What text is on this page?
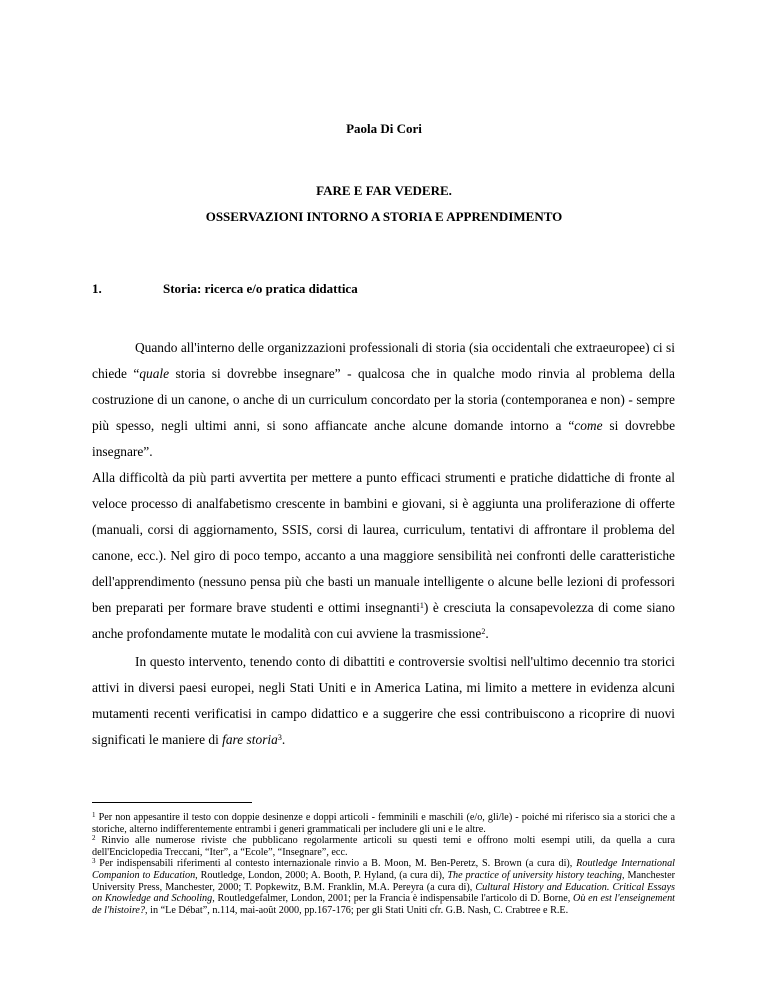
Paola Di Cori
FARE E FAR VEDERE.
OSSERVAZIONI INTORNO A STORIA E APPRENDIMENTO
1.	Storia: ricerca e/o pratica didattica

Quando all'interno delle organizzazioni professionali di storia (sia occidentali che extraeuropee) ci si chiede “quale storia si dovrebbe insegnare” - qualcosa che in qualche modo rinvia al problema della costruzione di un canone, o anche di un curriculum concordato per la storia (contemporanea e non) - sempre più spesso, negli ultimi anni, si sono affiancate anche alcune domande intorno a “come si dovrebbe insegnare”.

Alla difficoltà da più parti avvertita per mettere a punto efficaci strumenti e pratiche didattiche di fronte al veloce processo di analfabetismo crescente in bambini e giovani, si è aggiunta una proliferazione di offerte (manuali, corsi di aggiornamento, SSIS, corsi di laurea, curriculum, tentativi di affrontare il problema del canone, ecc.). Nel giro di poco tempo, accanto a una maggiore sensibilità nei confronti delle caratteristiche dell'apprendimento (nessuno pensa più che basti un manuale intelligente o alcune belle lezioni di professori ben preparati per formare brave studenti e ottimi insegnanti$^1$) è cresciuta la consapevolezza di come siano anche profondamente mutate le modalità con cui avviene la trasmissione$^2$.

In questo intervento, tenendo conto di dibattiti e controversie svoltisi nell'ultimo decennio tra storici attivi in diversi paesi europei, negli Stati Uniti e in America Latina, mi limito a mettere in evidenza alcuni mutamenti recenti verificatisi in campo didattico e a suggerire che essi contribuiscono a ricoprire di nuovi significati le maniere di fare storia$^3$.

$^1$ Per non appesantire il testo con doppie desinenze e doppi articoli - femminili e maschili (e/o, gli/le) - poiché mi riferisco sia a storici che a storiche, alterno indifferentemente entrambi i generi grammaticali per includere gli uni e le altre.

$^2$ Rinvio alle numerose riviste che pubblicano regolarmente articoli su questi temi e offrono molti esempi utili, da quella a cura dell'Enciclopedia Treccani, “Iter”, a “Ecole”, “Insegnare”, ecc.

$^3$ Per indispensabili riferimenti al contesto internazionale rinvio a B. Moon, M. Ben-Peretz, S. Brown (a cura di), Routledge International Companion to Education, Routledge, London, 2000; A. Booth, P. Hyland, (a cura di), The practice of university history teaching, Manchester University Press, Manchester, 2000; T. Popkewitz, B.M. Franklin, M.A. Pereyra (a cura di), Cultural History and Education. Critical Essays on Knowledge and Schooling, Routledgefalmer, London, 2001; per la Francia è indispensabile l'articolo di D. Borne, Où en est l'enseignement de l'histoire?, in “Le Débat”, n.114, mai-août 2000, pp.167-176; per gli Stati Uniti cfr. G.B. Nash, C. Crabtree e R.E.
